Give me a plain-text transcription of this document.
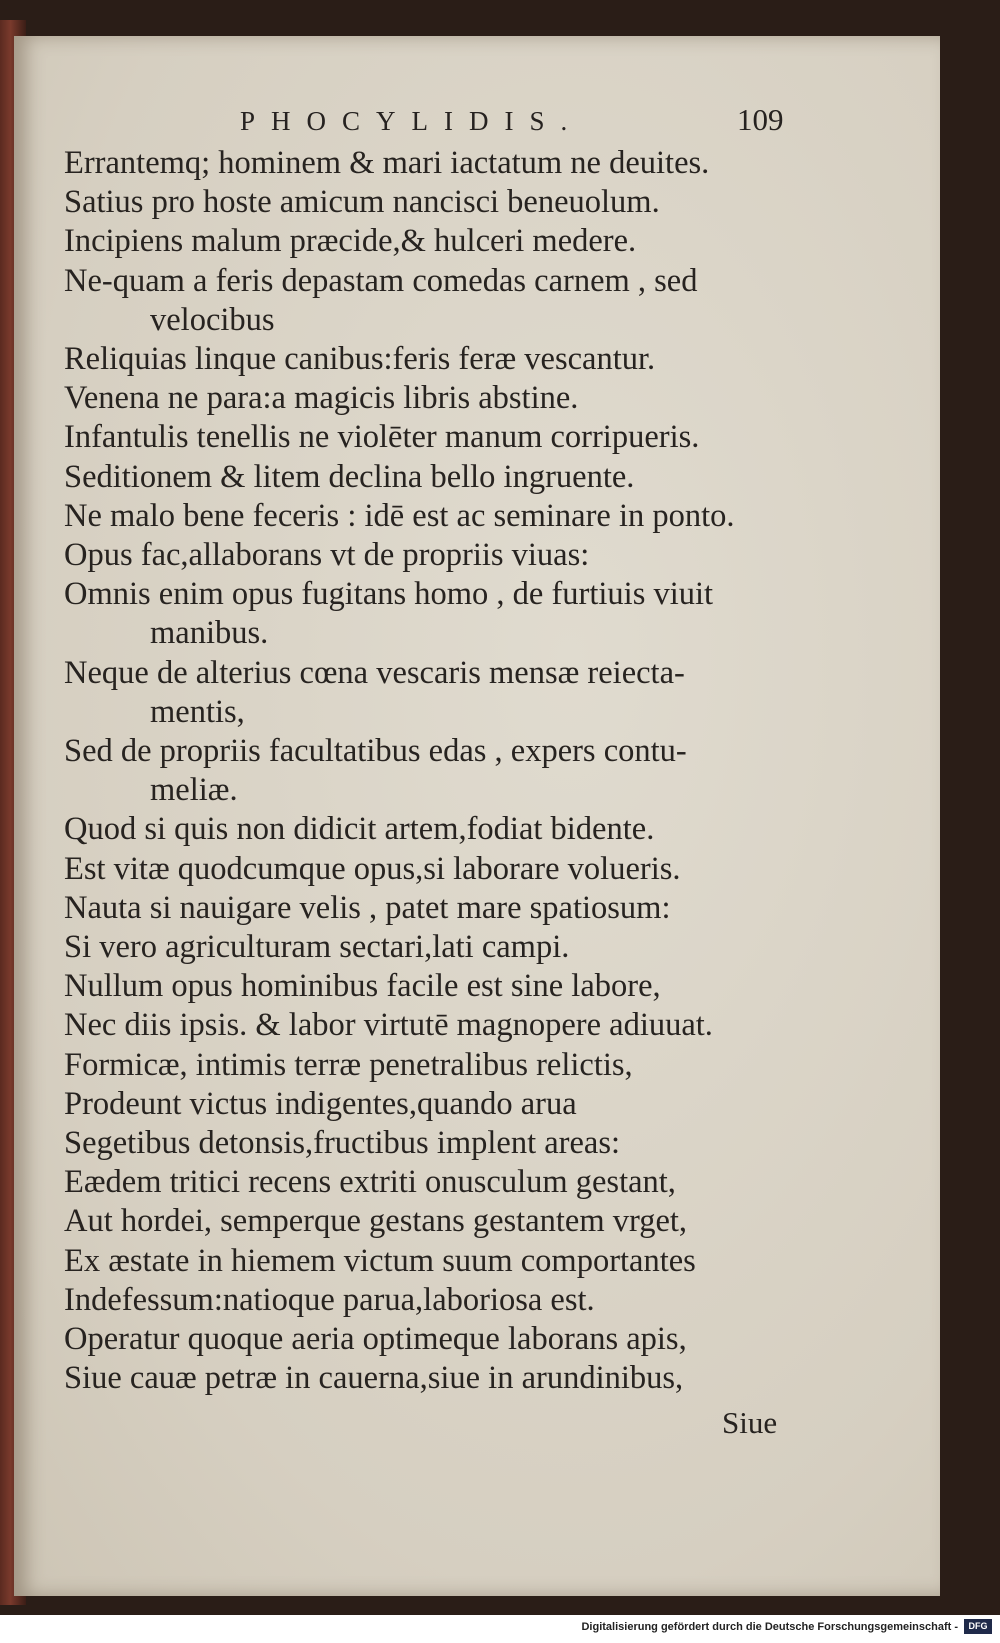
PHOCYLIDIS.	109
Errantemq; hominem & mari iactatum ne deuites.
Satius pro hoste amicum nancisci beneuolum.
Incipiens malum præcide,& hulceri medere.
Ne-quam a feris depastam comedas carnem , sed
velocibus
Reliquias linque canibus:feris feræ vescantur.
Venena ne para:a magicis libris abstine.
Infantulis tenellis ne violēter manum corripueris.
Seditionem & litem declina bello ingruente.
Ne malo bene feceris : idē est ac seminare in ponto.
Opus fac,allaborans vt de propriis viuas:
Omnis enim opus fugitans homo , de furtiuis viuit
manibus.
Neque de alterius cœna vescaris mensæ reiecta-
mentis,
Sed de propriis facultatibus edas , expers contu-
meliæ.
Quod si quis non didicit artem,fodiat bidente.
Est vitæ quodcumque opus,si laborare volueris.
Nauta si nauigare velis , patet mare spatiosum:
Si vero agriculturam sectari,lati campi.
Nullum opus hominibus facile est sine labore,
Nec diis ipsis. & labor virtutē magnopere adiuuat.
Formicæ, intimis terræ penetralibus relictis,
Prodeunt victus indigentes,quando arua
Segetibus detonsis,fructibus implent areas:
Eædem tritici recens extriti onusculum gestant,
Aut hordei, semperque gestans gestantem vrget,
Ex æstate in hiemem victum suum comportantes
Indefessum:natioque parua,laboriosa est.
Operatur quoque aeria optimeque laborans apis,
Siue cauæ petræ in cauerna,siue in arundinibus,
Siue
Digitalisierung gefördert durch die Deutsche Forschungsgemeinschaft -	DFG
